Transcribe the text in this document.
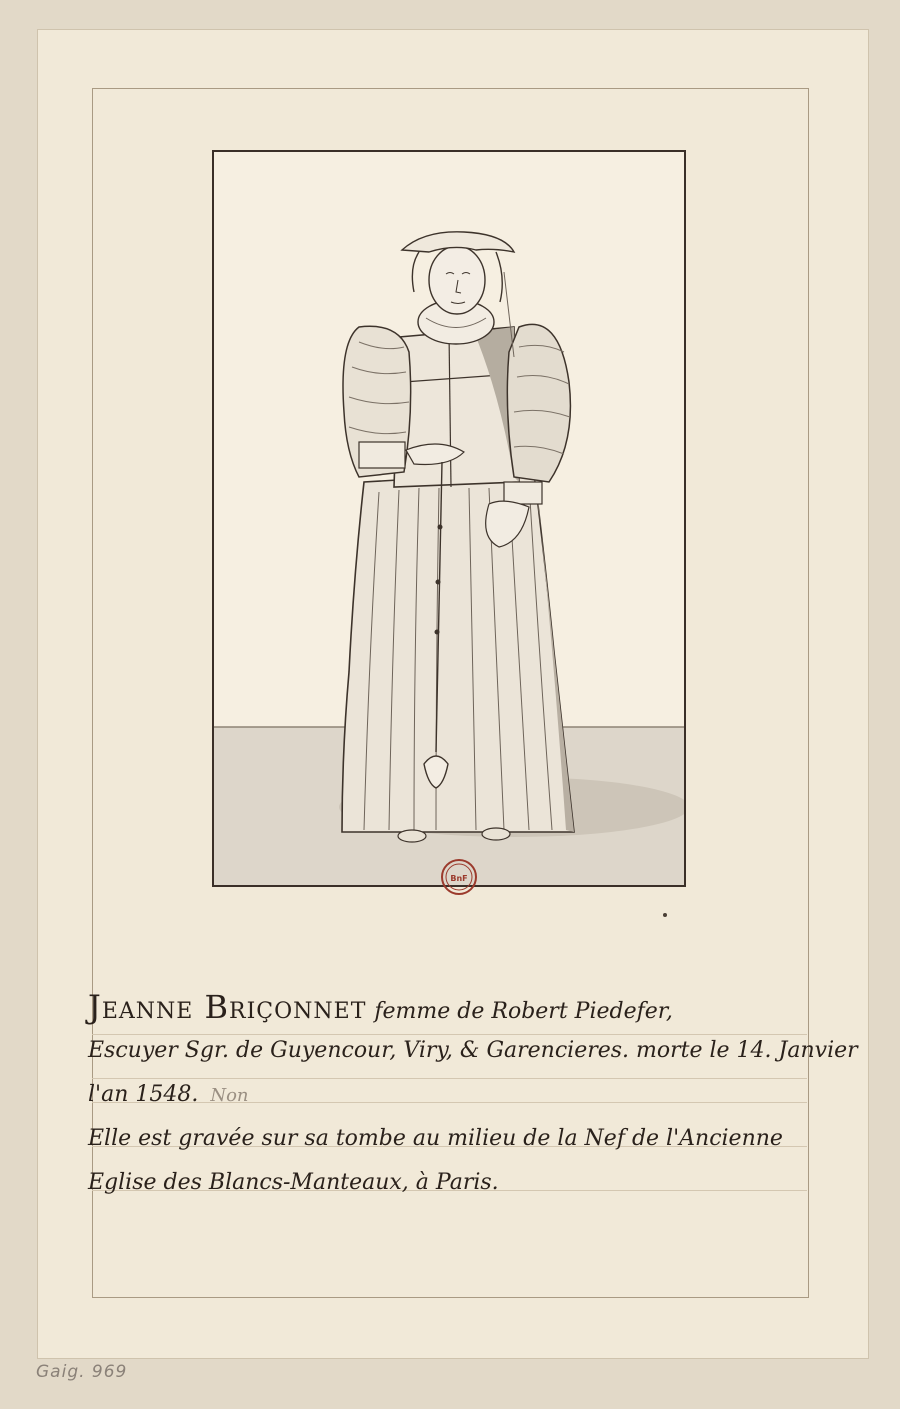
BnF
Jeanne Briçonnet femme de Robert Piedefer,
Escuyer Sgr. de Guyencour, Viry, & Garencieres. morte le 14. Janvier
l'an 1548. Non
Elle est gravée sur sa tombe au milieu de la Nef de l'Ancienne
Eglise des Blancs-Manteaux, à Paris.
Gaig. 969
